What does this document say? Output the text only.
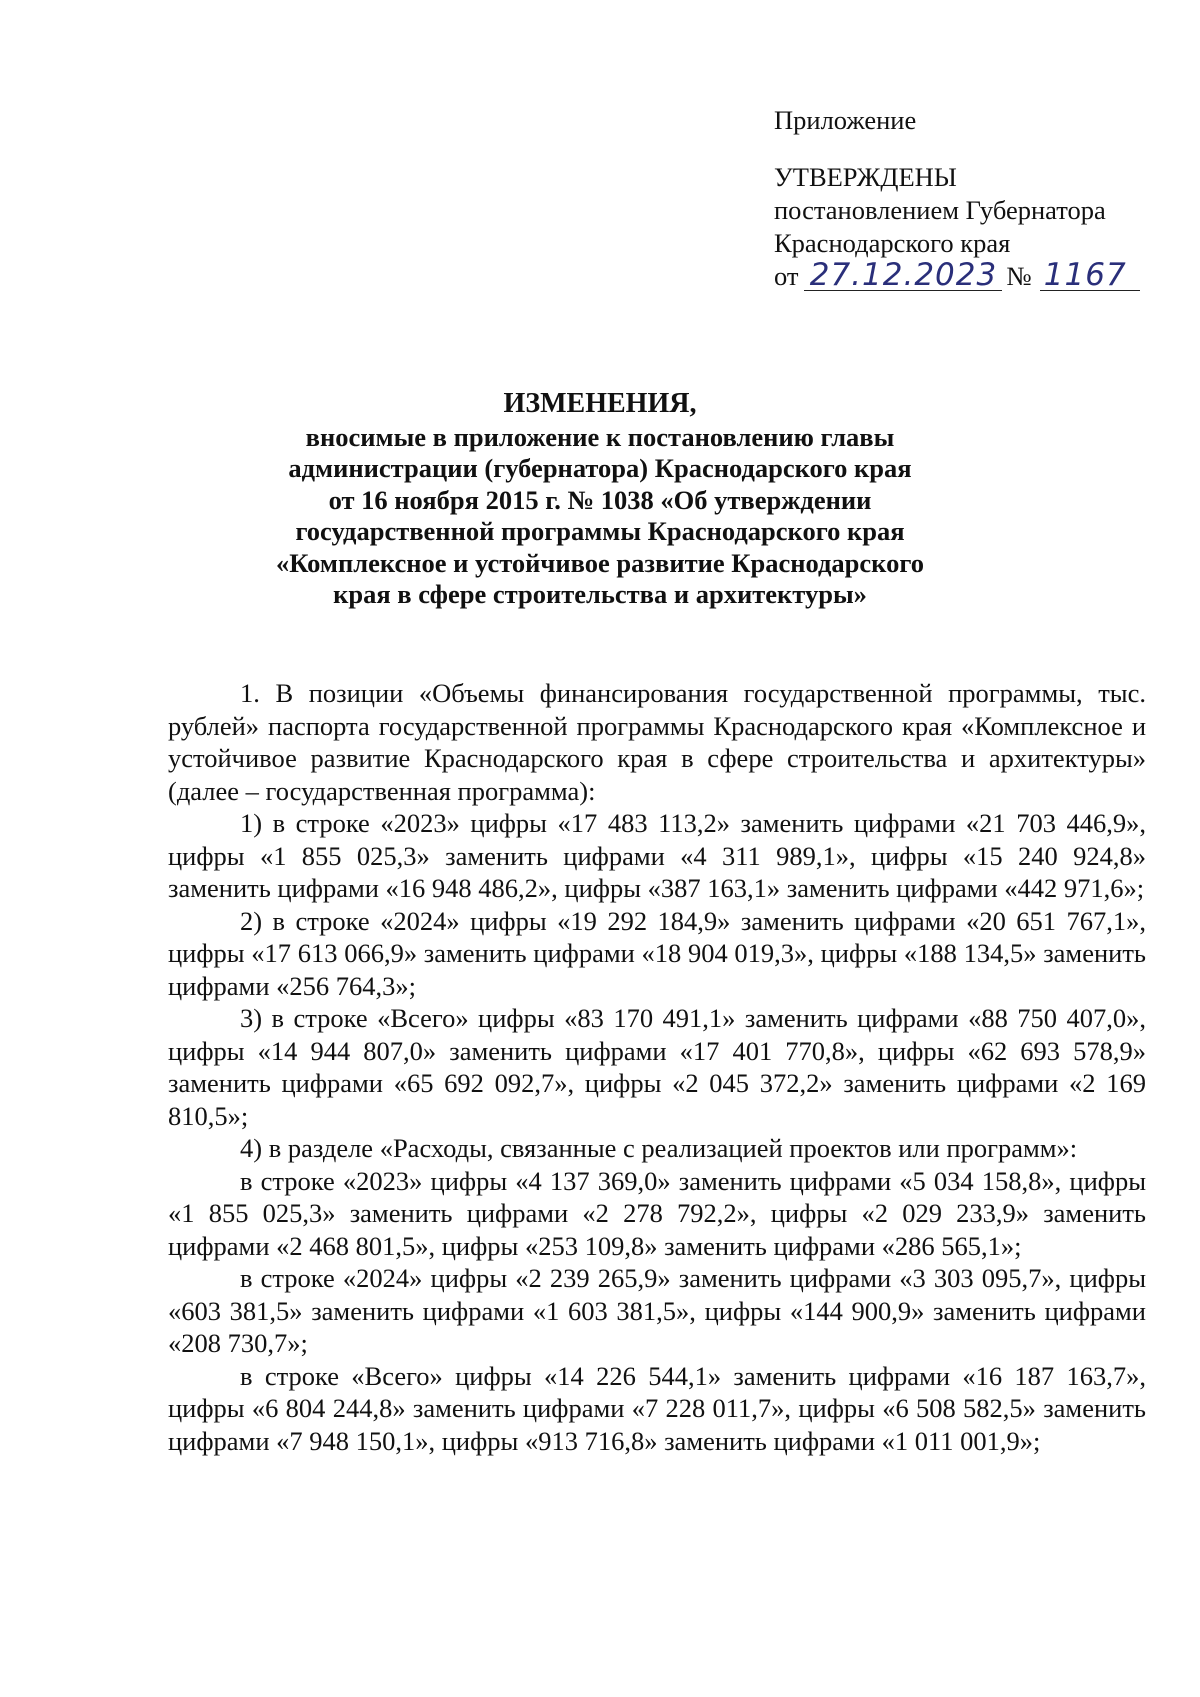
Приложение
УТВЕРЖДЕНЫ
постановлением Губернатора
Краснодарского края
от 27.12.2023 № 1167
ИЗМЕНЕНИЯ,
вносимые в приложение к постановлению главы
администрации (губернатора) Краснодарского края
от 16 ноября 2015 г. № 1038 «Об утверждении
государственной программы Краснодарского края
«Комплексное и устойчивое развитие Краснодарского
края в сфере строительства и архитектуры»

1. В позиции «Объемы финансирования государственной программы, тыс. рублей» паспорта государственной программы Краснодарского края «Комплексное и устойчивое развитие Краснодарского края в сфере строительства и архитектуры» (далее – государственная программа):

1) в строке «2023» цифры «17 483 113,2» заменить цифрами «21 703 446,9», цифры «1 855 025,3» заменить цифрами «4 311 989,1», цифры «15 240 924,8» заменить цифрами «16 948 486,2», цифры «387 163,1» заменить цифрами «442 971,6»;

2) в строке «2024» цифры «19 292 184,9» заменить цифрами «20 651 767,1», цифры «17 613 066,9» заменить цифрами «18 904 019,3», цифры «188 134,5» заменить цифрами «256 764,3»;

3) в строке «Всего» цифры «83 170 491,1» заменить цифрами «88 750 407,0», цифры «14 944 807,0» заменить цифрами «17 401 770,8», цифры «62 693 578,9» заменить цифрами «65 692 092,7», цифры «2 045 372,2» заменить цифрами «2 169 810,5»;

4) в разделе «Расходы, связанные с реализацией проектов или программ»:

в строке «2023» цифры «4 137 369,0» заменить цифрами «5 034 158,8», цифры «1 855 025,3» заменить цифрами «2 278 792,2», цифры «2 029 233,9» заменить цифрами «2 468 801,5», цифры «253 109,8» заменить цифрами «286 565,1»;

в строке «2024» цифры «2 239 265,9» заменить цифрами «3 303 095,7», цифры «603 381,5» заменить цифрами «1 603 381,5», цифры «144 900,9» заменить цифрами «208 730,7»;

в строке «Всего» цифры «14 226 544,1» заменить цифрами «16 187 163,7», цифры «6 804 244,8» заменить цифрами «7 228 011,7», цифры «6 508 582,5» заменить цифрами «7 948 150,1», цифры «913 716,8» заменить цифрами «1 011 001,9»;
